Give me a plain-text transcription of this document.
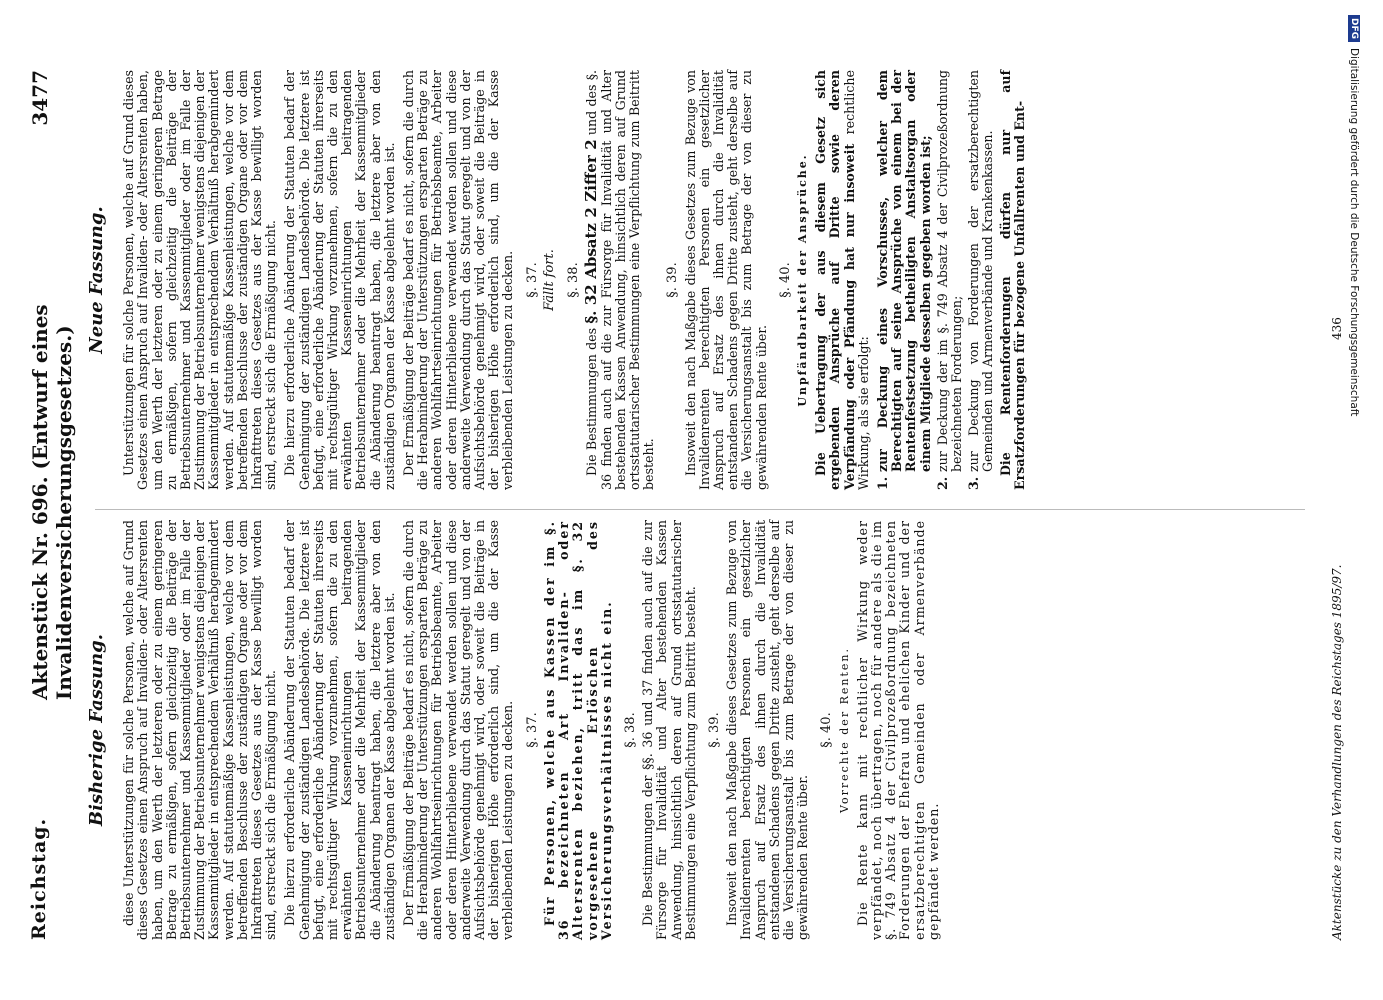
Reichstag.
Aktenstück Nr. 696. (Entwurf eines Invalidenversicherungsgesetzes.)
3477
Bisherige Fassung. diese Unterstützungen für solche Personen, welche auf Grund dieses Gesetzes einen Anspruch auf Invaliden- oder Altersrenten haben, um den Werth der letzteren oder zu einem geringeren Betrage zu ermäßigen, sofern gleichzeitig die Beiträge der Betriebsunternehmer und Kassenmitglieder oder im Falle der Zustimmung der Betriebsunternehmer wenigstens diejenigen der Kassenmitglieder in entsprechendem Verhältniß herabgemindert werden. Auf statutenmäßige Kassenleistungen, welche vor dem betreffenden Beschlusse der zuständigen Organe oder vor dem Inkrafttreten dieses Gesetzes aus der Kasse bewilligt worden sind, erstreckt sich die Ermäßigung nicht. Die hierzu erforderliche Abänderung der Statuten bedarf der Genehmigung der zuständigen Landesbehörde. Die letztere ist befugt, eine erforderliche Abänderung der Statuten ihrerseits mit rechtsgültiger Wirkung vorzunehmen, sofern die zu den erwähnten Kasseneinrichtungen beitragenden Betriebsunternehmer oder die Mehrheit der Kassenmitglieder die Abänderung beantragt haben, die letztere aber von den zuständigen Organen der Kasse abgelehnt worden ist. Der Ermäßigung der Beiträge bedarf es nicht, sofern die durch die Herabminderung der Unterstützungen ersparten Beträge zu anderen Wohlfahrtseinrichtungen für Betriebsbeamte, Arbeiter oder deren Hinterbliebene verwendet werden sollen und diese anderweite Verwendung durch das Statut geregelt und von der Aufsichtsbehörde genehmigt wird, oder soweit die Beiträge in der bisherigen Höhe erforderlich sind, um die der Kasse verbleibenden Leistungen zu decken. §. 37. Für Personen, welche aus Kassen der im §. 36 bezeichneten Art Invaliden- oder Altersrenten beziehen, tritt das im §. 32 vorgesehene Erlöschen des Versicherungsverhältnisses nicht ein. §. 38. Die Bestimmungen der §§. 36 und 37 finden auch auf die zur Fürsorge für Invalidität und Alter bestehenden Kassen Anwendung, hinsichtlich deren auf Grund ortsstatutarischer Bestimmungen eine Verpflichtung zum Beitritt besteht. §. 39. Insoweit den nach Maßgabe dieses Gesetzes zum Bezuge von Invalidenrenten berechtigten Personen ein gesetzlicher Anspruch auf Ersatz des ihnen durch die Invalidität entstandenen Schadens gegen Dritte zusteht, geht derselbe auf die Versicherungsanstalt bis zum Betrage der von dieser zu gewährenden Rente über.

§. 40. Vorrechte der Renten. Die Rente kann mit rechtlicher Wirkung weder verpfändet, noch übertragen, noch für andere als die im §. 749 Absatz 4 der Civilprozeßordnung bezeichneten Forderungen der Ehefrau und ehelichen Kinder und der ersatzberechtigten Gemeinden oder Armenverbände gepfändet werden.

Neue Fassung. Unterstützungen für solche Personen, welche auf Grund dieses Gesetzes einen Anspruch auf Invaliden- oder Altersrenten haben, um den Werth der letzteren oder zu einem geringeren Betrage zu ermäßigen, sofern gleichzeitig die Beiträge der Betriebsunternehmer und Kassenmitglieder oder im Falle der Zustimmung der Betriebsunternehmer wenigstens diejenigen der Kassenmitglieder in entsprechendem Verhältniß herabgemindert werden. Auf statutenmäßige Kassenleistungen, welche vor dem betreffenden Beschlusse der zuständigen Organe oder vor dem Inkrafttreten dieses Gesetzes aus der Kasse bewilligt worden sind, erstreckt sich die Ermäßigung nicht. Die hierzu erforderliche Abänderung der Statuten bedarf der Genehmigung der zuständigen Landesbehörde. Die letztere ist befugt, eine erforderliche Abänderung der Statuten ihrerseits mit rechtsgültiger Wirkung vorzunehmen, sofern die zu den erwähnten Kasseneinrichtungen beitragenden Betriebsunternehmer oder die Mehrheit der Kassenmitglieder die Abänderung beantragt haben, die letztere aber von den zuständigen Organen der Kasse abgelehnt worden ist. Der Ermäßigung der Beiträge bedarf es nicht, sofern die durch die Herabminderung der Unterstützungen ersparten Beträge zu anderen Wohlfahrtseinrichtungen für Betriebsbeamte, Arbeiter oder deren Hinterbliebene verwendet werden sollen und diese anderweite Verwendung durch das Statut geregelt und von der Aufsichtsbehörde genehmigt wird, oder soweit die Beiträge in der bisherigen Höhe erforderlich sind, um die der Kasse verbleibenden Leistungen zu decken. §. 37. Fällt fort. §. 38.

Die Bestimmungen des §. 32 Absatz 2 Ziffer 2 und des §. 36 finden auch auf die zur Fürsorge für Invalidität und Alter bestehenden Kassen Anwendung, hinsichtlich deren auf Grund ortsstatutarischer Bestimmungen eine Verpflichtung zum Beitritt besteht.

§. 39. Insoweit den nach Maßgabe dieses Gesetzes zum Bezuge von Invalidenrenten berechtigten Personen ein gesetzlicher Anspruch auf Ersatz des ihnen durch die Invalidität entstandenen Schadens gegen Dritte zusteht, geht derselbe auf die Versicherungsanstalt bis zum Betrage der von dieser zu gewährenden Rente über.

§. 40. Unpfändbarkeit der Ansprüche. Die Uebertragung der aus diesem Gesetz sich ergebenden Ansprüche auf Dritte sowie deren Verpfändung oder Pfändung hat nur insoweit rechtliche Wirkung, als sie erfolgt: 1.zur Deckung eines Vorschusses, welcher dem Berechtigten auf seine Ansprüche von einem bei der Rentenfestsetzung betheiligten Anstaltsorgan oder einem Mitgliede desselben gegeben worden ist;

2.zur Deckung der im §. 749 Absatz 4 der Civilprozeßordnung bezeichneten Forderungen;

3.zur Deckung von Forderungen der ersatzberechtigten Gemeinden und Armenverbände und Krankenkassen. Die Rentenforderungen dürfen nur auf Ersatzforderungen für bezogene Unfallrenten und Ent-

Aktenstücke zu den Verhandlungen des Reichstages 1895/97.
436
DFG
Digitalisierung gefördert durch die Deutsche Forschungsgemeinschaft
